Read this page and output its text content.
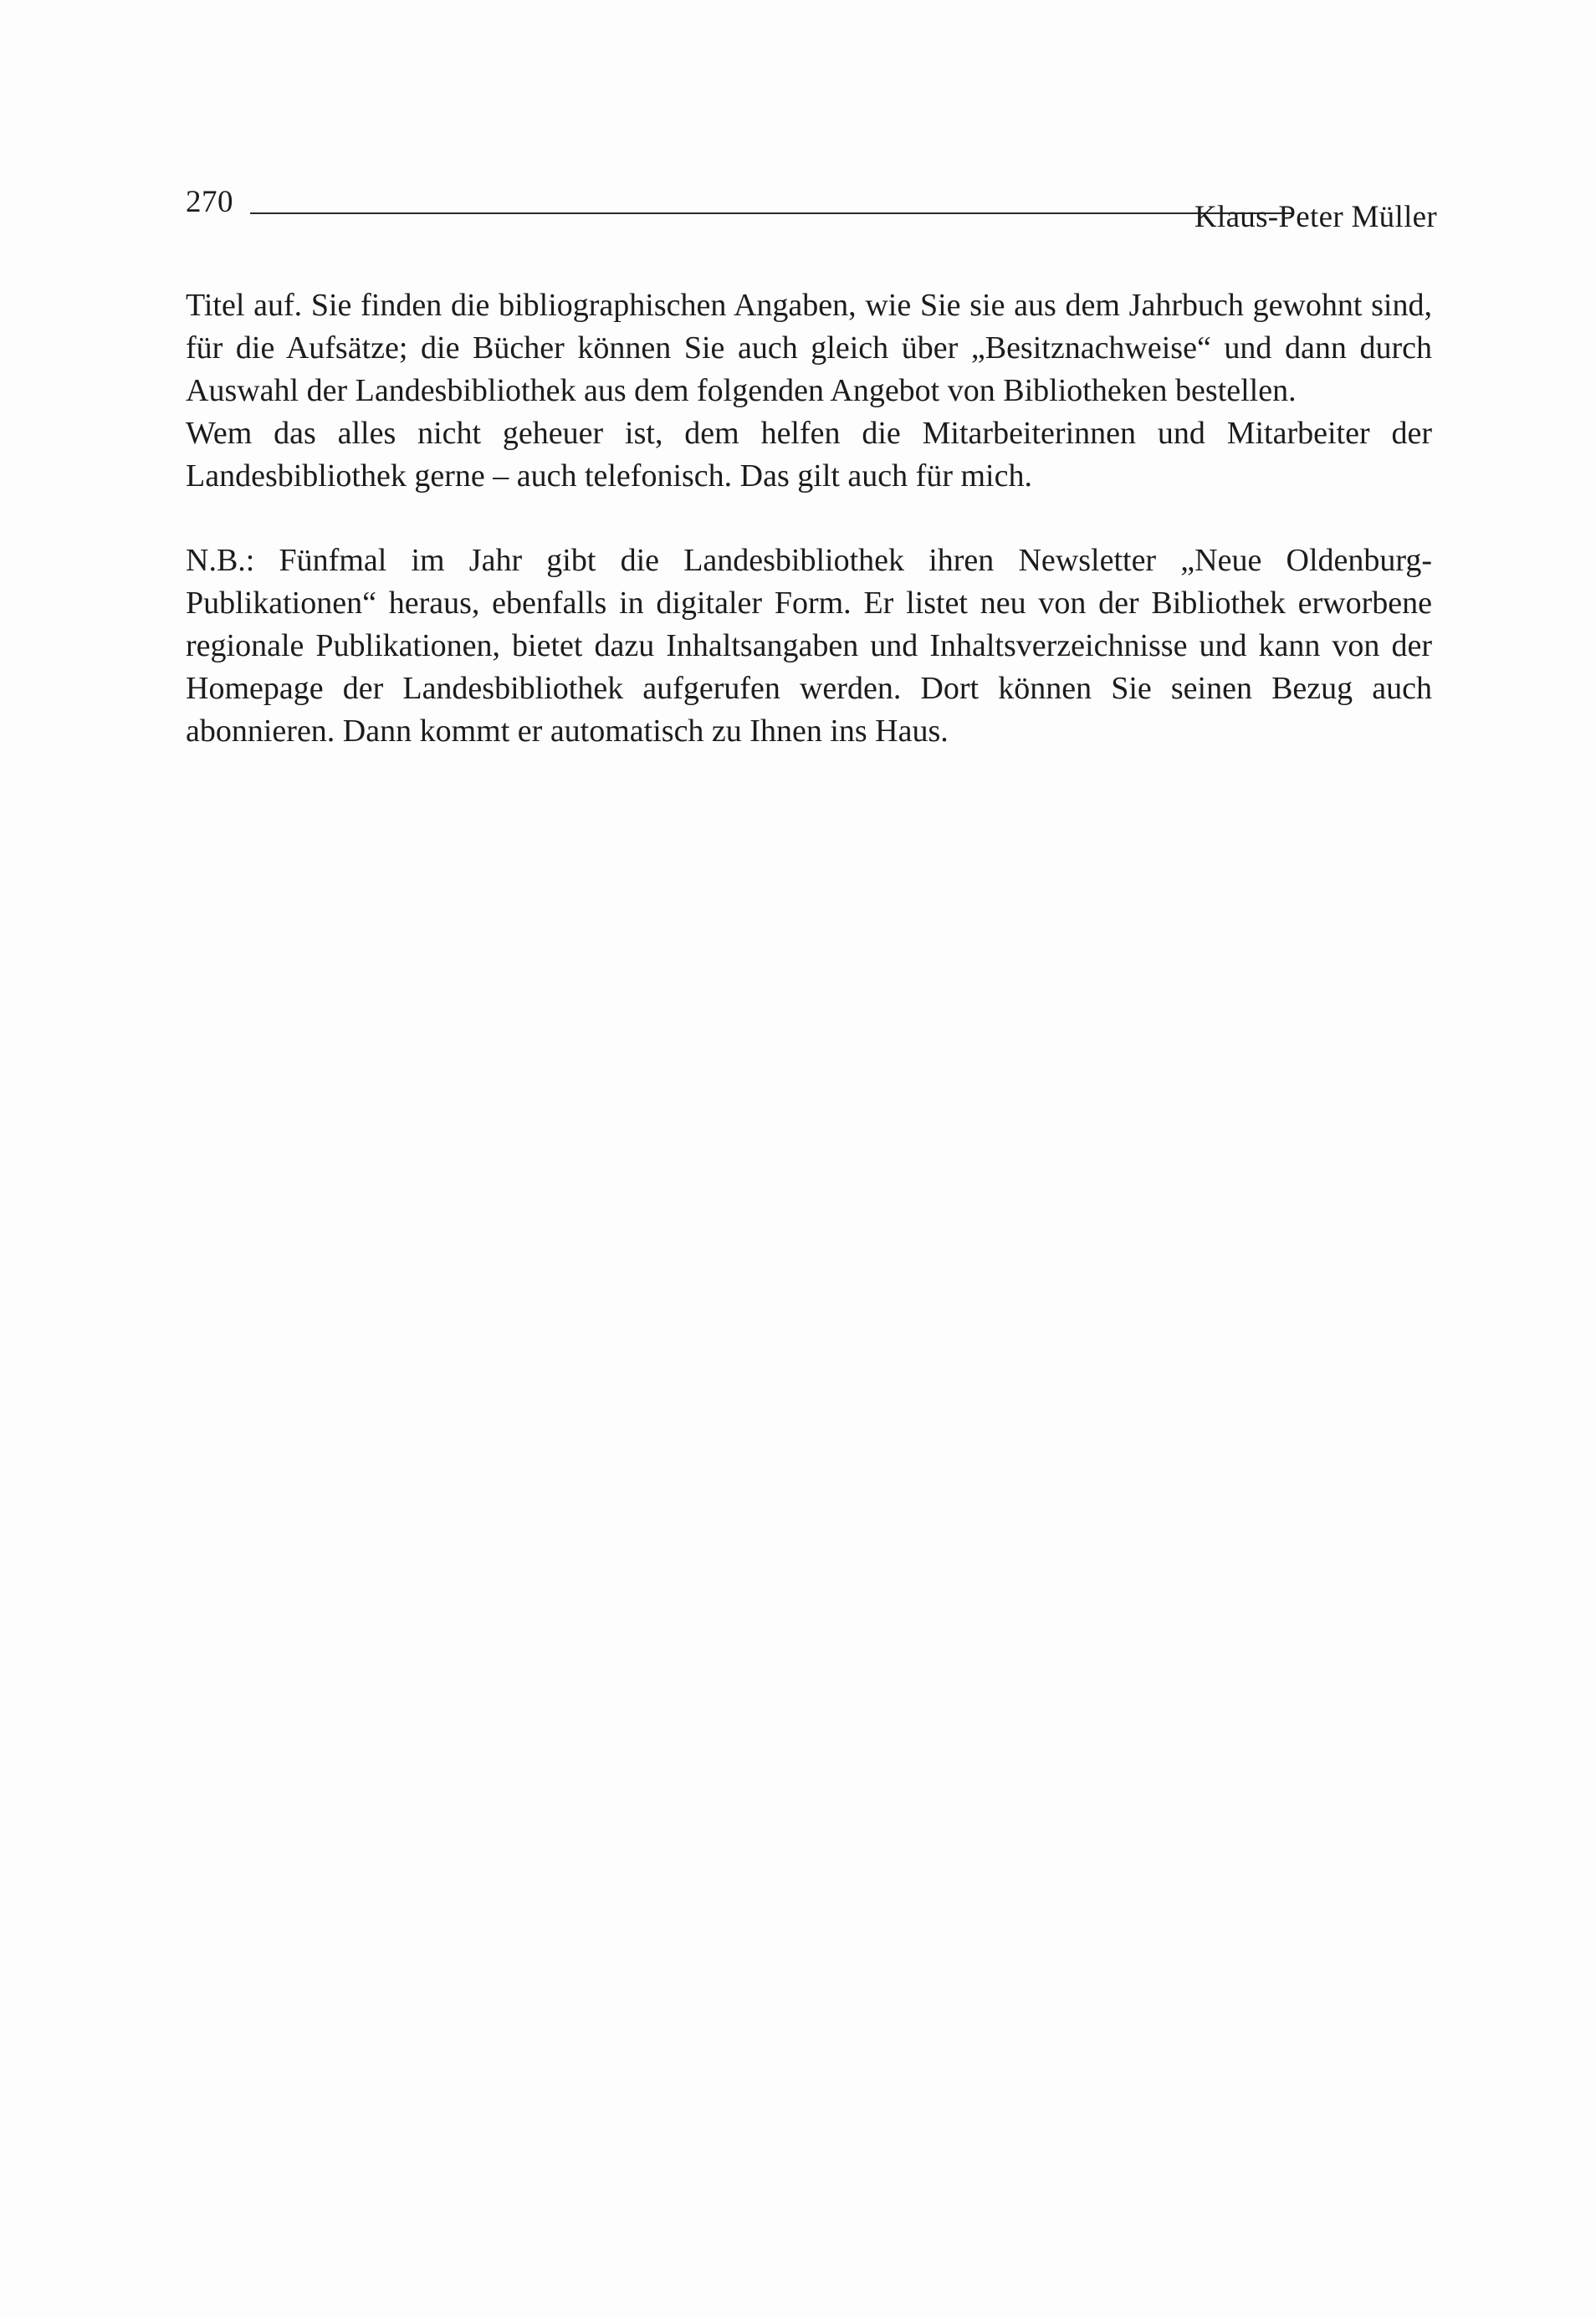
270	Klaus-Peter Müller

Titel auf. Sie finden die bibliographischen Angaben, wie Sie sie aus dem Jahrbuch gewohnt sind, für die Aufsätze; die Bücher können Sie auch gleich über „Besitznachweise“ und dann durch Auswahl der Landesbibliothek aus dem folgenden Angebot von Bibliotheken bestellen.

Wem das alles nicht geheuer ist, dem helfen die Mitarbeiterinnen und Mitarbeiter der Landesbibliothek gerne – auch telefonisch. Das gilt auch für mich.

N.B.: Fünfmal im Jahr gibt die Landesbibliothek ihren Newsletter „Neue Oldenburg-Publikationen“ heraus, ebenfalls in digitaler Form. Er listet neu von der Bibliothek erworbene regionale Publikationen, bietet dazu Inhaltsangaben und Inhaltsverzeichnisse und kann von der Homepage der Landesbibliothek aufgerufen werden. Dort können Sie seinen Bezug auch abonnieren. Dann kommt er automatisch zu Ihnen ins Haus.
